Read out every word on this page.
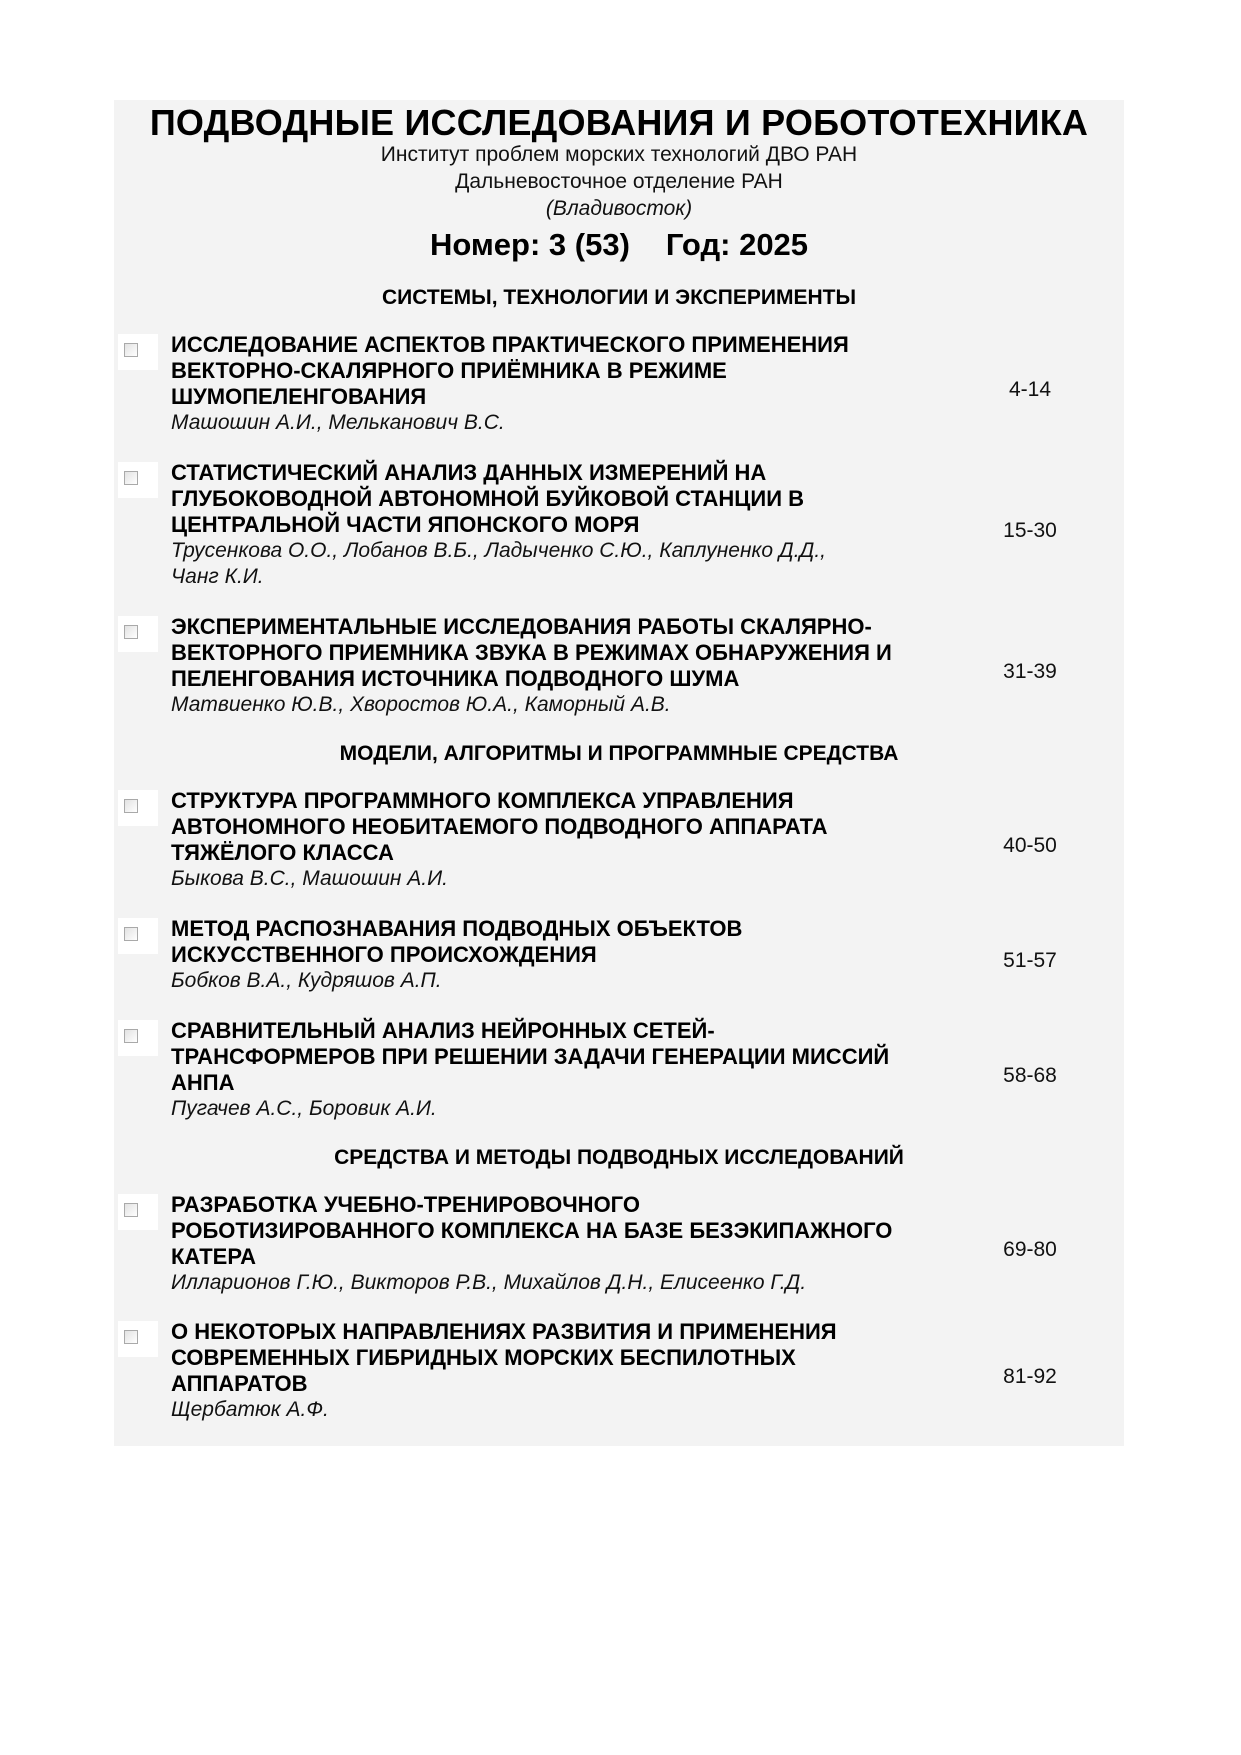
ПОДВОДНЫЕ ИССЛЕДОВАНИЯ И РОБОТОТЕХНИКА
Институт проблем морских технологий ДВО РАН
Дальневосточное отделение РАН
(Владивосток)
Номер: 3 (53) Год: 2025
СИСТЕМЫ, ТЕХНОЛОГИИ И ЭКСПЕРИМЕНТЫ
ИССЛЕДОВАНИЕ АСПЕКТОВ ПРАКТИЧЕСКОГО ПРИМЕНЕНИЯ
ВЕКТОРНО-СКАЛЯРНОГО ПРИЁМНИКА В РЕЖИМЕ
ШУМОПЕЛЕНГОВАНИЯ
Машошин А.И., Мельканович В.С.
4-14
СТАТИСТИЧЕСКИЙ АНАЛИЗ ДАННЫХ ИЗМЕРЕНИЙ НА
ГЛУБОКОВОДНОЙ АВТОНОМНОЙ БУЙКОВОЙ СТАНЦИИ В
ЦЕНТРАЛЬНОЙ ЧАСТИ ЯПОНСКОГО МОРЯ
Трусенкова О.О., Лобанов В.Б., Ладыченко С.Ю., Каплуненко Д.Д.,
Чанг К.И.
15-30
ЭКСПЕРИМЕНТАЛЬНЫЕ ИССЛЕДОВАНИЯ РАБОТЫ СКАЛЯРНО-
ВЕКТОРНОГО ПРИЕМНИКА ЗВУКА В РЕЖИМАХ ОБНАРУЖЕНИЯ И
ПЕЛЕНГОВАНИЯ ИСТОЧНИКА ПОДВОДНОГО ШУМА
Матвиенко Ю.В., Хворостов Ю.А., Каморный А.В.
31-39
МОДЕЛИ, АЛГОРИТМЫ И ПРОГРАММНЫЕ СРЕДСТВА
СТРУКТУРА ПРОГРАММНОГО КОМПЛЕКСА УПРАВЛЕНИЯ
АВТОНОМНОГО НЕОБИТАЕМОГО ПОДВОДНОГО АППАРАТА
ТЯЖЁЛОГО КЛАССА
Быкова В.С., Машошин А.И.
40-50
МЕТОД РАСПОЗНАВАНИЯ ПОДВОДНЫХ ОБЪЕКТОВ
ИСКУССТВЕННОГО ПРОИСХОЖДЕНИЯ
Бобков В.А., Кудряшов А.П.
51-57
СРАВНИТЕЛЬНЫЙ АНАЛИЗ НЕЙРОННЫХ СЕТЕЙ-
ТРАНСФОРМЕРОВ ПРИ РЕШЕНИИ ЗАДАЧИ ГЕНЕРАЦИИ МИССИЙ
АНПА
Пугачев А.С., Боровик А.И.
58-68
СРЕДСТВА И МЕТОДЫ ПОДВОДНЫХ ИССЛЕДОВАНИЙ
РАЗРАБОТКА УЧЕБНО-ТРЕНИРОВОЧНОГО
РОБОТИЗИРОВАННОГО КОМПЛЕКСА НА БАЗЕ БЕЗЭКИПАЖНОГО
КАТЕРА
Илларионов Г.Ю., Викторов Р.В., Михайлов Д.Н., Елисеенко Г.Д.
69-80
О НЕКОТОРЫХ НАПРАВЛЕНИЯХ РАЗВИТИЯ И ПРИМЕНЕНИЯ
СОВРЕМЕННЫХ ГИБРИДНЫХ МОРСКИХ БЕСПИЛОТНЫХ
АППАРАТОВ
Щербатюк А.Ф.
81-92
